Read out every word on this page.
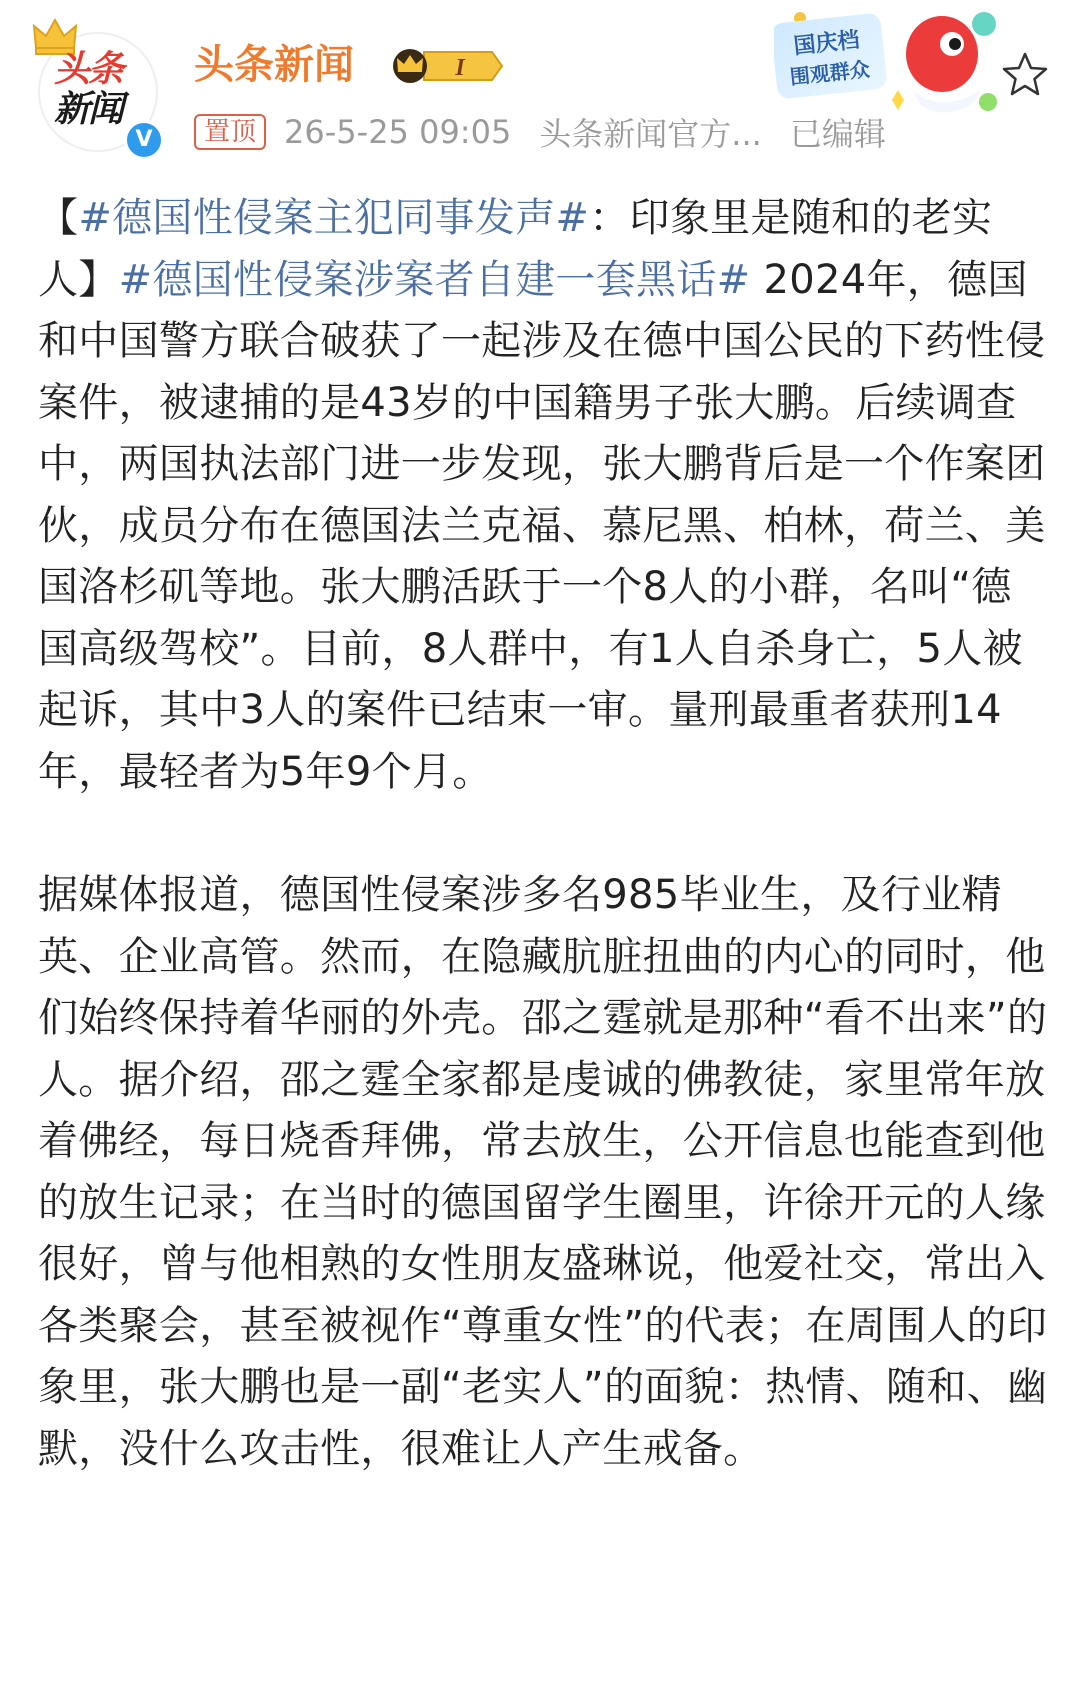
头条
新闻
V
头条新闻	I
置顶 26-5-25 09:05 头条新闻官方... 已编辑
国庆档
围观群众

【#德国性侵案主犯同事发声#：印象里是随和的老实人】#德国性侵案涉案者自建一套黑话# 2024年，德国和中国警方联合破获了一起涉及在德中国公民的下药性侵案件，被逮捕的是43岁的中国籍男子张大鹏。后续调查中，两国执法部门进一步发现，张大鹏背后是一个作案团伙，成员分布在德国法兰克福、慕尼黑、柏林，荷兰、美国洛杉矶等地。张大鹏活跃于一个8人的小群，名叫“德国高级驾校”。目前，8人群中，有1人自杀身亡，5人被起诉，其中3人的案件已结束一审。量刑最重者获刑14年，最轻者为5年9个月。

据媒体报道，德国性侵案涉多名985毕业生，及行业精英、企业高管。然而，在隐藏肮脏扭曲的内心的同时，他们始终保持着华丽的外壳。邵之霆就是那种“看不出来”的人。据介绍，邵之霆全家都是虔诚的佛教徒，家里常年放着佛经，每日烧香拜佛，常去放生，公开信息也能查到他的放生记录；在当时的德国留学生圈里，许徐开元的人缘很好，曾与他相熟的女性朋友盛琳说，他爱社交，常出入各类聚会，甚至被视作“尊重女性”的代表；在周围人的印象里，张大鹏也是一副“老实人”的面貌：热情、随和、幽默，没什么攻击性，很难让人产生戒备。
